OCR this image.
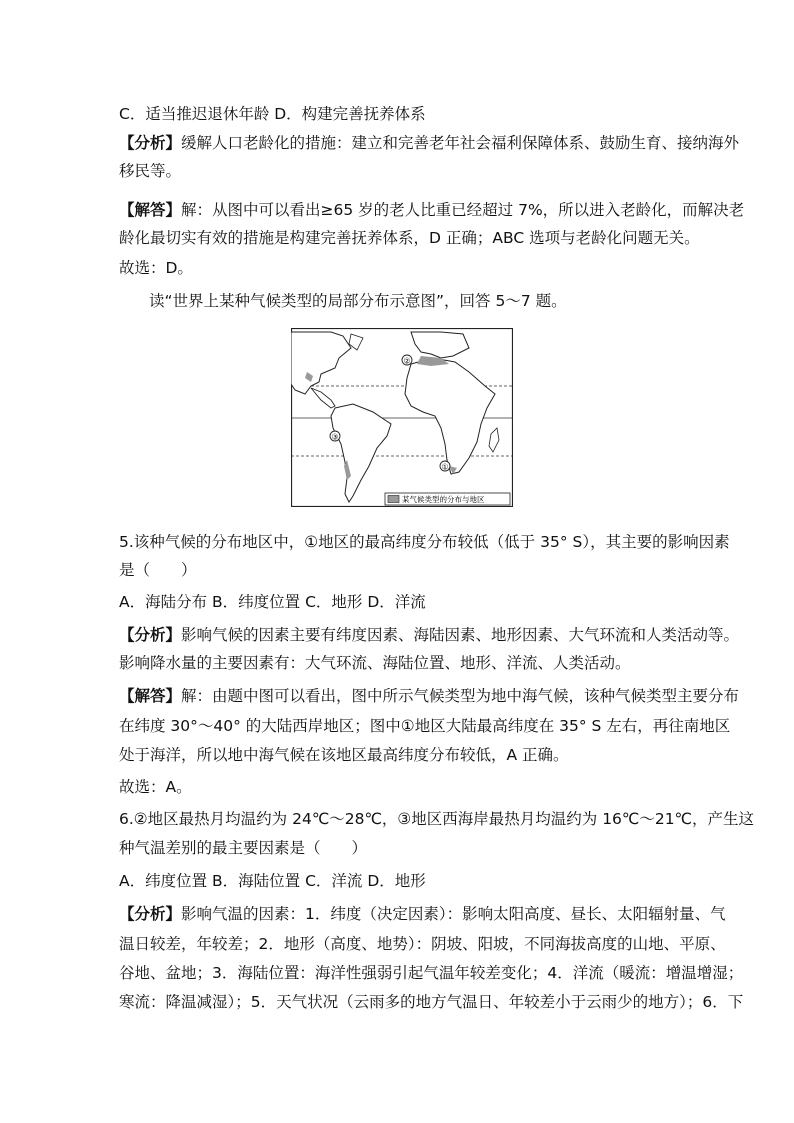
C．适当推迟退休年龄 D．构建完善抚养体系
【分析】缓解人口老龄化的措施：建立和完善老年社会福利保障体系、鼓励生育、接纳海外
移民等。
【解答】解：从图中可以看出≥65 岁的老人比重已经超过 7%，所以进入老龄化，而解决老
龄化最切实有效的措施是构建完善抚养体系，D 正确；ABC 选项与老龄化问题无关。
故选：D。
读“世界上某种气候类型的局部分布示意图”，回答 5～7 题。
②
③
①
某气候类型的分布与地区
5.该种气候的分布地区中，①地区的最高纬度分布较低（低于 35° S），其主要的影响因素
是（　　）
A．海陆分布 B．纬度位置 C．地形 D．洋流
【分析】影响气候的因素主要有纬度因素、海陆因素、地形因素、大气环流和人类活动等。
影响降水量的主要因素有：大气环流、海陆位置、地形、洋流、人类活动。
【解答】解：由题中图可以看出，图中所示气候类型为地中海气候，该种气候类型主要分布
在纬度 30°～40° 的大陆西岸地区；图中①地区大陆最高纬度在 35° S 左右，再往南地区
处于海洋，所以地中海气候在该地区最高纬度分布较低，A 正确。
故选：A。
6.②地区最热月均温约为 24℃～28℃，③地区西海岸最热月均温约为 16℃～21℃，产生这
种气温差别的最主要因素是（　　）
A．纬度位置 B．海陆位置 C．洋流 D．地形
【分析】影响气温的因素：1．纬度（决定因素）：影响太阳高度、昼长、太阳辐射量、气
温日较差，年较差；2．地形（高度、地势）：阴坡、阳坡，不同海拔高度的山地、平原、
谷地、盆地；3．海陆位置：海洋性强弱引起气温年较差变化；4．洋流（暖流：增温增湿；
寒流：降温减湿）；5．天气状况（云雨多的地方气温日、年较差小于云雨少的地方）；6．下
